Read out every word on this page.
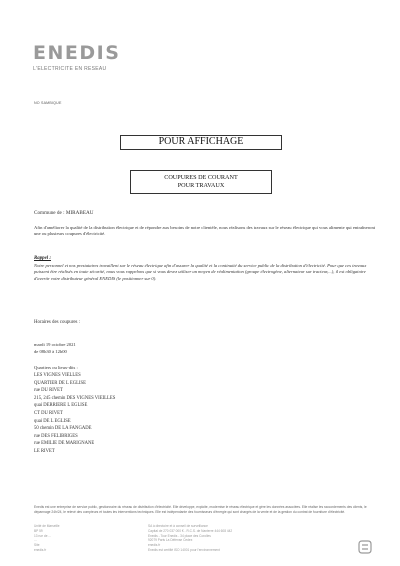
ENEDIS
L'ELECTRICITE EN RESEAU
NO SAMBIQUE
POUR AFFICHAGE
COUPURES DE COURANT
POUR TRAVAUX
Commune de : MIRABEAU
Afin d'améliorer la qualité de la distribution électrique et de répondre aux besoins de notre clientèle, nous réalisons des travaux sur le réseau électrique qui vous alimente qui entraîneront une ou plusieurs coupures d'électricité.
Rappel :
Notre personnel et nos prestataires travaillent sur le réseau électrique afin d'assurer la qualité et la continuité du service public de la distribution d'électricité. Pour que ces travaux puissent être réalisés en toute sécurité, nous vous rappelons que si vous devez utiliser un moyen de réalimentation (groupe électrogène, alternateur sur tracteur,...), il est obligatoire d'avertir votre distributeur général ENEDIS (le positionner sur 0).
Horaires des coupures :
mardi 19 octobre 2021
de 08h30 à 12h00
Quartiers ou lieux-dits :
LES VIGNES VIELLES
QUARTIER DE L EGLISE
rue DU RIVET
215, 245 chemin DES VIGNES VIEILLES
quai DERRIERE L EGLISE
CT DU RIVET
quai DE L EGLISE
50 chemin DE LA FANGADE
rue DES FELIBRIGES
rue EMILIE DE MARIGNANE
LE RIVET
Enedis est une entreprise de service public, gestionnaire du réseau de distribution d'électricité. Elle développe, exploite, modernise le réseau électrique et gère les données associées. Elle réalise les raccordements des clients, le dépannage 24h/24, le relevé des compteurs et toutes les interventions techniques. Elle est indépendante des fournisseurs d'énergie qui sont chargés de la vente et de la gestion du contrat de fourniture d'électricité.
Unité de Marseille
BP 59
13 rue de ...
...
Site
enedis.fr
SA à directoire et à conseil de surveillance
Capital de 270 037 000 € - R.C.S. de Nanterre 444 608 442
Enedis - Tour Enedis - 34 place des Corolles
92079 Paris La Défense Cedex
enedis.fr
Enedis est certifié ISO 14001 pour l'environnement
